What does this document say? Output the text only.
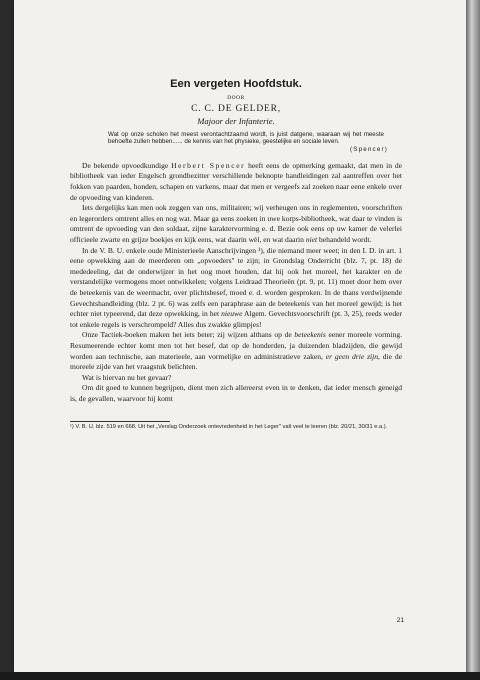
Een vergeten Hoofdstuk.
DOOR
C. C. DE GELDER,
Majoor der Infanterie.
Wat op onze scholen het meest verontachtzaamd wordt, is juist datgene, waaraan wij het meeste behoefte zullen hebben...... de kennis van het physieke, geestelijke en sociale leven.
(Spencer)

De bekende opvoedkundige Herbert Spencer heeft eens de opmerking gemaakt, dat men in de bibliotheek van ieder Engelsch grondbezitter verschillende beknopte handleidingen zal aantreffen over het fokken van paarden, honden, schapen en varkens, maar dat men er vergeefs zal zoeken naar eene enkele over de opvoeding van kinderen.

Iets dergelijks kan men ook zeggen van ons, militairen; wij verheugen ons in reglementen, voorschriften en legerorders omtrent alles en nog wat. Maar ga eens zoeken in uwe korps-bibliotheek, wat daar te vinden is omtrent de opvoeding van den soldaat, zijne karaktervorming e. d. Bezie ook eens op uw kamer de velerlei officieele zwarte en grijze boekjes en kijk eens, wat daarin wèl, en wat daarin niet behandeld wordt.

In de V. B. U. enkele oude Ministerieele Aanschrijvingen ¹), die niemand meer weet; in den I. D. in art. 1 eene opwekking aan de meerderen om „opvoeders'' te zijn; in Grondslag Onderricht (blz. 7, pt. 18) de mededeeling, dat de onderwijzer in het oog moet houden, dat hij ook het moreel, het karakter en de verstandelijke vermogens moet ontwikkelen; volgens Leidraad Theorieën (pt. 9, pt. 11) moet door hem over de beteekenis van de weermacht, over plichtsbesef, moed e. d. worden gesproken. In de thans verdwijnende Gevechtshandleiding (blz. 2 pt. 6) was zelfs een paraphrase aan de beteekenis van het moreel gewijd; is het echter niet typeerend, dat deze opwekking, in het nieuwe Algem. Gevechtsvoorschrift (pt. 3, 25), reeds weder tot enkele regels is verschrompeld? Alles dus zwakke glimpjes!

Onze Tactiek-boeken maken het iets beter; zij wijzen althans op de beteekenis eener moreele vorming. Resumeerende echter komt men tot het besef, dat op de honderden, ja duizenden bladzijden, die gewijd worden aan technische, aan materieele, aan vormelijke en administratieve zaken, er geen drie zijn, die de moreele zijde van het vraagstuk belichten.

Wat is hiervan nu het gevaar?

Om dit goed te kunnen begrijpen, dient men zich allereerst even in te denken, dat ieder mensch geneigd is, de gevallen, waarvoor hij komt

¹) V. B. U. blz. 519 en 668. Uit het „Verslag Onderzoek ontevredenheid in het Leger'' valt veel te leeren (blz. 20/21, 30/31 e.a.).

21
